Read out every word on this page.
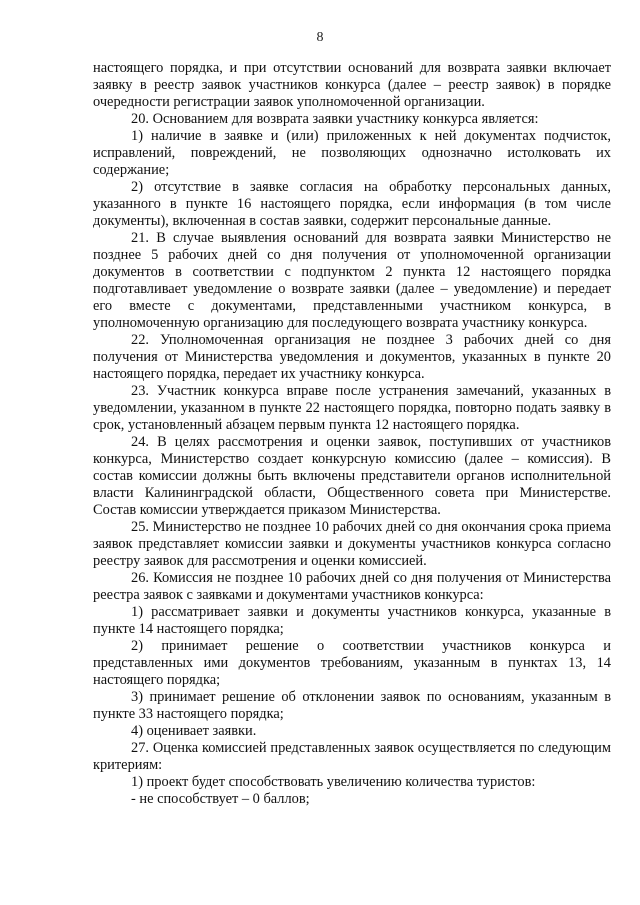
8

настоящего порядка, и при отсутствии оснований для возврата заявки включает заявку в реестр заявок участников конкурса (далее – реестр заявок) в порядке очередности регистрации заявок уполномоченной организации.

20. Основанием для возврата заявки участнику конкурса является:

1) наличие в заявке и (или) приложенных к ней документах подчисток, исправлений, повреждений, не позволяющих однозначно истолковать их содержание;

2) отсутствие в заявке согласия на обработку персональных данных, указанного в пункте 16 настоящего порядка, если информация (в том числе документы), включенная в состав заявки, содержит персональные данные.

21. В случае выявления оснований для возврата заявки Министерство не позднее 5 рабочих дней со дня получения от уполномоченной организации документов в соответствии с подпунктом 2 пункта 12 настоящего порядка подготавливает уведомление о возврате заявки (далее – уведомление) и передает его вместе с документами, представленными участником конкурса, в уполномоченную организацию для последующего возврата участнику конкурса.

22. Уполномоченная организация не позднее 3 рабочих дней со дня получения от Министерства уведомления и документов, указанных в пункте 20 настоящего порядка, передает их участнику конкурса.

23. Участник конкурса вправе после устранения замечаний, указанных в уведомлении, указанном в пункте 22 настоящего порядка, повторно подать заявку в срок, установленный абзацем первым пункта 12 настоящего порядка.

24. В целях рассмотрения и оценки заявок, поступивших от участников конкурса, Министерство создает конкурсную комиссию (далее – комиссия). В состав комиссии должны быть включены представители органов исполнительной власти Калининградской области, Общественного совета при Министерстве. Состав комиссии утверждается приказом Министерства.

25. Министерство не позднее 10 рабочих дней со дня окончания срока приема заявок представляет комиссии заявки и документы участников конкурса согласно реестру заявок для рассмотрения и оценки комиссией.

26. Комиссия не позднее 10 рабочих дней со дня получения от Министерства реестра заявок с заявками и документами участников конкурса:

1) рассматривает заявки и документы участников конкурса, указанные в пункте 14 настоящего порядка;

2) принимает решение о соответствии участников конкурса и представленных ими документов требованиям, указанным в пунктах 13, 14 настоящего порядка;

3) принимает решение об отклонении заявок по основаниям, указанным в пункте 33 настоящего порядка;

4) оценивает заявки.

27. Оценка комиссией представленных заявок осуществляется по следующим критериям:

1) проект будет способствовать увеличению количества туристов:

- не способствует – 0 баллов;
